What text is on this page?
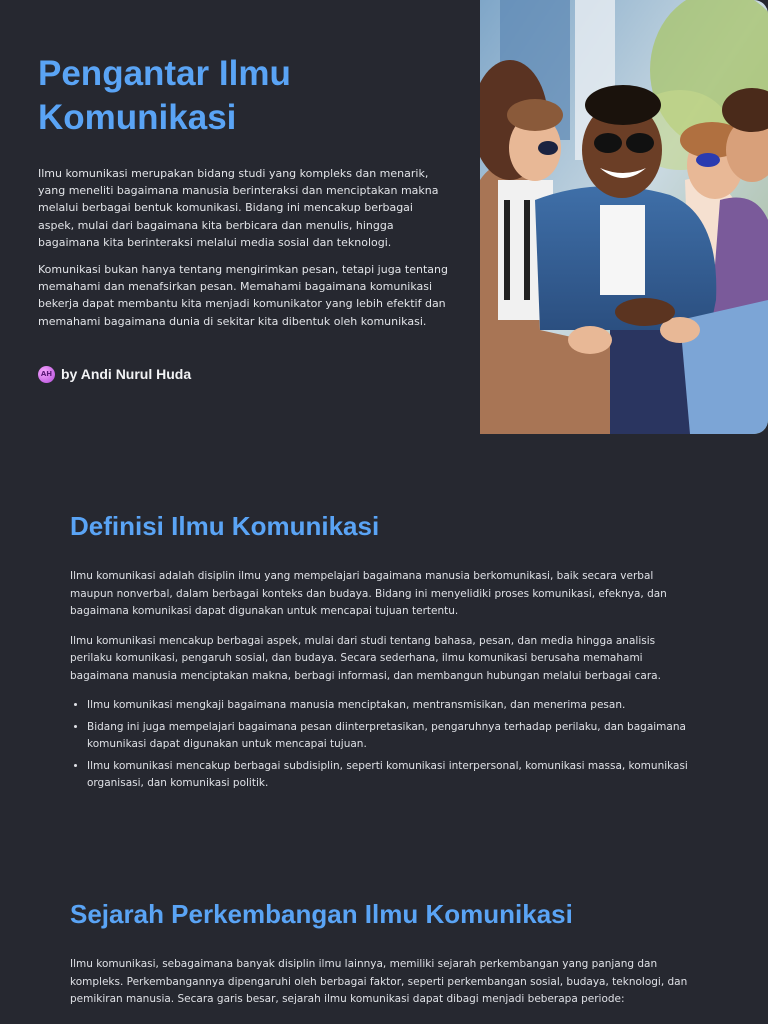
Pengantar Ilmu Komunikasi

Ilmu komunikasi merupakan bidang studi yang kompleks dan menarik, yang meneliti bagaimana manusia berinteraksi dan menciptakan makna melalui berbagai bentuk komunikasi. Bidang ini mencakup berbagai aspek, mulai dari bagaimana kita berbicara dan menulis, hingga bagaimana kita berinteraksi melalui media sosial dan teknologi.

Komunikasi bukan hanya tentang mengirimkan pesan, tetapi juga tentang memahami dan menafsirkan pesan. Memahami bagaimana komunikasi bekerja dapat membantu kita menjadi komunikator yang lebih efektif dan memahami bagaimana dunia di sekitar kita dibentuk oleh komunikasi.

AH by Andi Nurul Huda
Definisi Ilmu Komunikasi

Ilmu komunikasi adalah disiplin ilmu yang mempelajari bagaimana manusia berkomunikasi, baik secara verbal maupun nonverbal, dalam berbagai konteks dan budaya. Bidang ini menyelidiki proses komunikasi, efeknya, dan bagaimana komunikasi dapat digunakan untuk mencapai tujuan tertentu.

Ilmu komunikasi mencakup berbagai aspek, mulai dari studi tentang bahasa, pesan, dan media hingga analisis perilaku komunikasi, pengaruh sosial, dan budaya. Secara sederhana, ilmu komunikasi berusaha memahami bagaimana manusia menciptakan makna, berbagi informasi, dan membangun hubungan melalui berbagai cara.

• Ilmu komunikasi mengkaji bagaimana manusia menciptakan, mentransmisikan, dan menerima pesan.
• Bidang ini juga mempelajari bagaimana pesan diinterpretasikan, pengaruhnya terhadap perilaku, dan bagaimana komunikasi dapat digunakan untuk mencapai tujuan.
• Ilmu komunikasi mencakup berbagai subdisiplin, seperti komunikasi interpersonal, komunikasi massa, komunikasi organisasi, dan komunikasi politik.
Sejarah Perkembangan Ilmu Komunikasi

Ilmu komunikasi, sebagaimana banyak disiplin ilmu lainnya, memiliki sejarah perkembangan yang panjang dan kompleks. Perkembangannya dipengaruhi oleh berbagai faktor, seperti perkembangan sosial, budaya, teknologi, dan pemikiran manusia. Secara garis besar, sejarah ilmu komunikasi dapat dibagi menjadi beberapa periode:
